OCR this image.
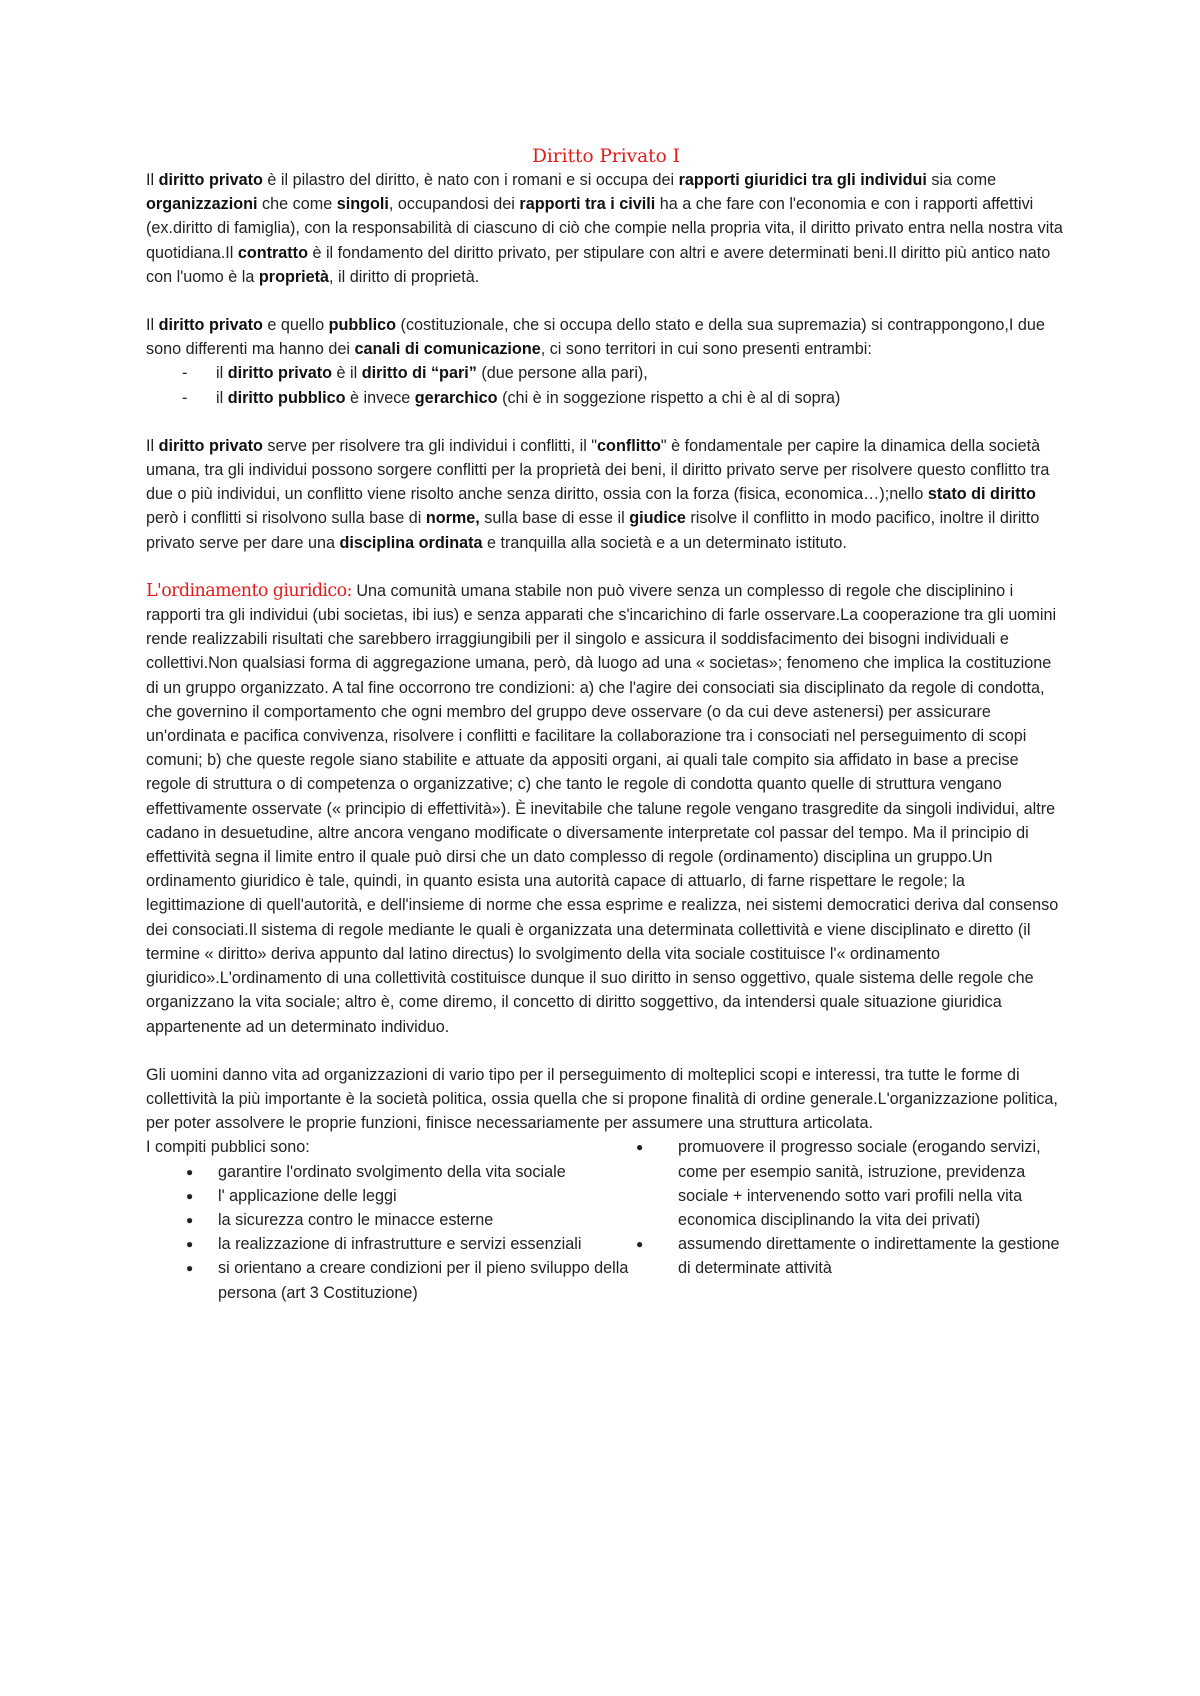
Diritto Privato I

Il diritto privato è il pilastro del diritto, è nato con i romani e si occupa dei rapporti giuridici tra gli individui sia come organizzazioni che come singoli, occupandosi dei rapporti tra i civili ha a che fare con l'economia e con i rapporti affettivi (ex.diritto di famiglia), con la responsabilità di ciascuno di ciò che compie nella propria vita, il diritto privato entra nella nostra vita quotidiana.Il contratto è il fondamento del diritto privato, per stipulare con altri e avere determinati beni.Il diritto più antico nato con l'uomo è la proprietà, il diritto di proprietà.

Il diritto privato e quello pubblico (costituzionale, che si occupa dello stato e della sua supremazia) si contrappongono,I due sono differenti ma hanno dei canali di comunicazione, ci sono territori in cui sono presenti entrambi:

- il diritto privato è il diritto di “pari” (due persone alla pari),
- il diritto pubblico è invece gerarchico (chi è in soggezione rispetto a chi è al di sopra)

Il diritto privato serve per risolvere tra gli individui i conflitti, il "conflitto" è fondamentale per capire la dinamica della società umana, tra gli individui possono sorgere conflitti per la proprietà dei beni, il diritto privato serve per risolvere questo conflitto tra due o più individui, un conflitto viene risolto anche senza diritto, ossia con la forza (fisica, economica…);nello stato di diritto però i conflitti si risolvono sulla base di norme, sulla base di esse il giudice risolve il conflitto in modo pacifico, inoltre il diritto privato serve per dare una disciplina ordinata e tranquilla alla società e a un determinato istituto.

L'ordinamento giuridico: Una comunità umana stabile non può vivere senza un complesso di regole che disciplinino i rapporti tra gli individui (ubi societas, ibi ius) e senza apparati che s'incarichino di farle osservare.La cooperazione tra gli uomini rende realizzabili risultati che sarebbero irraggiungibili per il singolo e assicura il soddisfacimento dei bisogni individuali e collettivi.Non qualsiasi forma di aggregazione umana, però, dà luogo ad una « societas»; fenomeno che implica la costituzione di un gruppo organizzato. A tal fine occorrono tre condizioni: a) che l'agire dei consociati sia disciplinato da regole di condotta, che governino il comportamento che ogni membro del gruppo deve osservare (o da cui deve astenersi) per assicurare un'ordinata e pacifica convivenza, risolvere i conflitti e facilitare la collaborazione tra i consociati nel perseguimento di scopi comuni; b) che queste regole siano stabilite e attuate da appositi organi, ai quali tale compito sia affidato in base a precise regole di struttura o di competenza o organizzative; c) che tanto le regole di condotta quanto quelle di struttura vengano effettivamente osservate (« principio di effettività»). È inevitabile che talune regole vengano trasgredite da singoli individui, altre cadano in desuetudine, altre ancora vengano modificate o diversamente interpretate col passar del tempo. Ma il principio di effettività segna il limite entro il quale può dirsi che un dato complesso di regole (ordinamento) disciplina un gruppo.Un ordinamento giuridico è tale, quindi, in quanto esista una autorità capace di attuarlo, di farne rispettare le regole; la legittimazione di quell'autorità, e dell'insieme di norme che essa esprime e realizza, nei sistemi democratici deriva dal consenso dei consociati.Il sistema di regole mediante le quali è organizzata una determinata collettività e viene disciplinato e diretto (il termine « diritto» deriva appunto dal latino directus) lo svolgimento della vita sociale costituisce l'« ordinamento giuridico».L'ordinamento di una collettività costituisce dunque il suo diritto in senso oggettivo, quale sistema delle regole che organizzano la vita sociale; altro è, come diremo, il concetto di diritto soggettivo, da intendersi quale situazione giuridica appartenente ad un determinato individuo.

Gli uomini danno vita ad organizzazioni di vario tipo per il perseguimento di molteplici scopi e interessi, tra tutte le forme di collettività la più importante è la società politica, ossia quella che si propone finalità di ordine generale.L'organizzazione politica, per poter assolvere le proprie funzioni, finisce necessariamente per assumere una struttura articolata.

I compiti pubblici sono:

● garantire l'ordinato svolgimento della vita sociale
● l' applicazione delle leggi
● la sicurezza contro le minacce esterne
● la realizzazione di infrastrutture e servizi essenziali
● si orientano a creare condizioni per il pieno sviluppo della persona (art 3 Costituzione)
● promuovere il progresso sociale (erogando servizi, come per esempio sanità, istruzione, previdenza sociale + intervenendo sotto vari profili nella vita economica disciplinando la vita dei privati)
● assumendo direttamente o indirettamente la gestione di determinate attività
